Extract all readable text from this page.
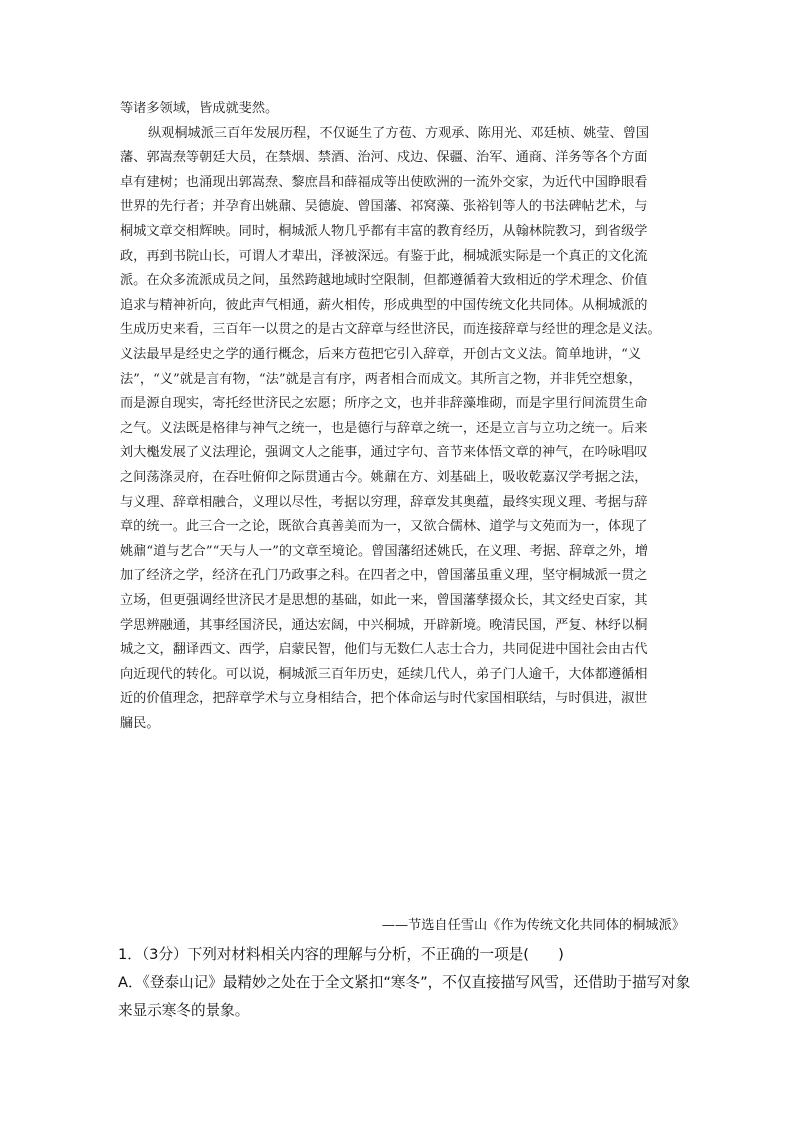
等诸多领域，皆成就斐然。
纵观桐城派三百年发展历程，不仅诞生了方苞、方观承、陈用光、邓廷桢、姚莹、曾国
藩、郭嵩焘等朝廷大员，在禁烟、禁酒、治河、戍边、保疆、治军、通商、洋务等各个方面
卓有建树；也涌现出郭嵩焘、黎庶昌和薛福成等出使欧洲的一流外交家，为近代中国睁眼看
世界的先行者；并孕育出姚鼐、吴德旋、曾国藩、祁窝藻、张裕钊等人的书法碑帖艺术，与
桐城文章交相辉映。同时，桐城派人物几乎都有丰富的教育经历，从翰林院教习，到省级学
政，再到书院山长，可谓人才辈出，泽被深远。有鉴于此，桐城派实际是一个真正的文化流
派。在众多流派成员之间，虽然跨越地域时空限制，但都遵循着大致相近的学术理念、价值
追求与精神祈向，彼此声气相通，薪火相传，形成典型的中国传统文化共同体。从桐城派的
生成历史来看，三百年一以贯之的是古文辞章与经世济民，而连接辞章与经世的理念是义法。
义法最早是经史之学的通行概念，后来方苞把它引入辞章，开创古文义法。简单地讲，“义
法”，“义”就是言有物，“法”就是言有序，两者相合而成文。其所言之物，并非凭空想象，
而是源自现实，寄托经世济民之宏愿；所序之文，也并非辞藻堆砌，而是字里行间流贯生命
之气。义法既是格律与神气之统一，也是德行与辞章之统一，还是立言与立功之统一。后来
刘大櫆发展了义法理论，强调文人之能事，通过字句、音节来体悟文章的神气，在吟咏唱叹
之间荡涤灵府，在吞吐俯仰之际贯通古今。姚鼐在方、刘基础上，吸收乾嘉汉学考据之法，
与义理、辞章相融合，义理以尽性，考据以穷理，辞章发其奥蕴，最终实现义理、考据与辞
章的统一。此三合一之论，既欲合真善美而为一，又欲合儒林、道学与文苑而为一，体现了
姚鼐“道与艺合”“天与人一”的文章至境论。曾国藩绍述姚氏，在义理、考据、辞章之外，增
加了经济之学，经济在孔门乃政事之科。在四者之中，曾国藩虽重义理，坚守桐城派一贯之
立场，但更强调经世济民才是思想的基础，如此一来，曾国藩孳掇众长，其文经史百家，其
学思辨融通，其事经国济民，通达宏阔，中兴桐城，开辟新境。晚清民国，严复、林纾以桐
城之文，翻译西文、西学，启蒙民智，他们与无数仁人志士合力，共同促进中国社会由古代
向近现代的转化。可以说，桐城派三百年历史，延续几代人，弟子门人逾千，大体都遵循相
近的价值理念，把辞章学术与立身相结合，把个体命运与时代家国相联结，与时俱进，淑世
牖民。
——节选自任雪山《作为传统文化共同体的桐城派》
1．（3分）下列对材料相关内容的理解与分析，不正确的一项是(　　)
A．《登泰山记》最精妙之处在于全文紧扣“寒冬”，不仅直接描写风雪，还借助于描写对象
来显示寒冬的景象。
